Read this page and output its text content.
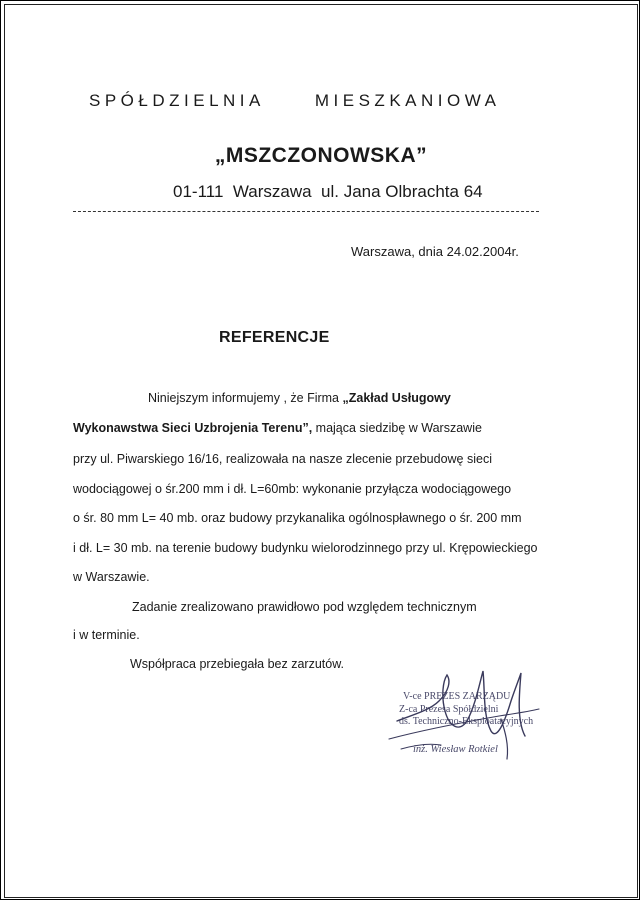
SPÓŁDZIELNIA	MIESZKANIOWA
„MSZCZONOWSKA”
01-111  Warszawa  ul. Jana Olbrachta 64
Warszawa, dnia 24.02.2004r.
REFERENCJE
Niniejszym informujemy , że Firma „Zakład Usługowy
Wykonawstwa Sieci Uzbrojenia Terenu”, mająca siedzibę w Warszawie
przy ul. Piwarskiego 16/16, realizowała na nasze zlecenie przebudowę sieci
wodociągowej o śr.200 mm i dł. L=60mb: wykonanie przyłącza wodociągowego
o śr. 80 mm L= 40 mb. oraz budowy przykanalika ogólnospławnego o śr. 200 mm
i dł. L= 30 mb. na terenie budowy budynku wielorodzinnego przy ul. Krępowieckiego
w Warszawie.
Zadanie zrealizowano prawidłowo pod względem technicznym
i w terminie.
Współpraca przebiegała bez zarzutów.
V-ce PREZES ZARZĄDU
Z-ca Prezesa Spółdzielni
ds. Techniczno-Eksploatacyjnych
inż. Wiesław Rotkiel
